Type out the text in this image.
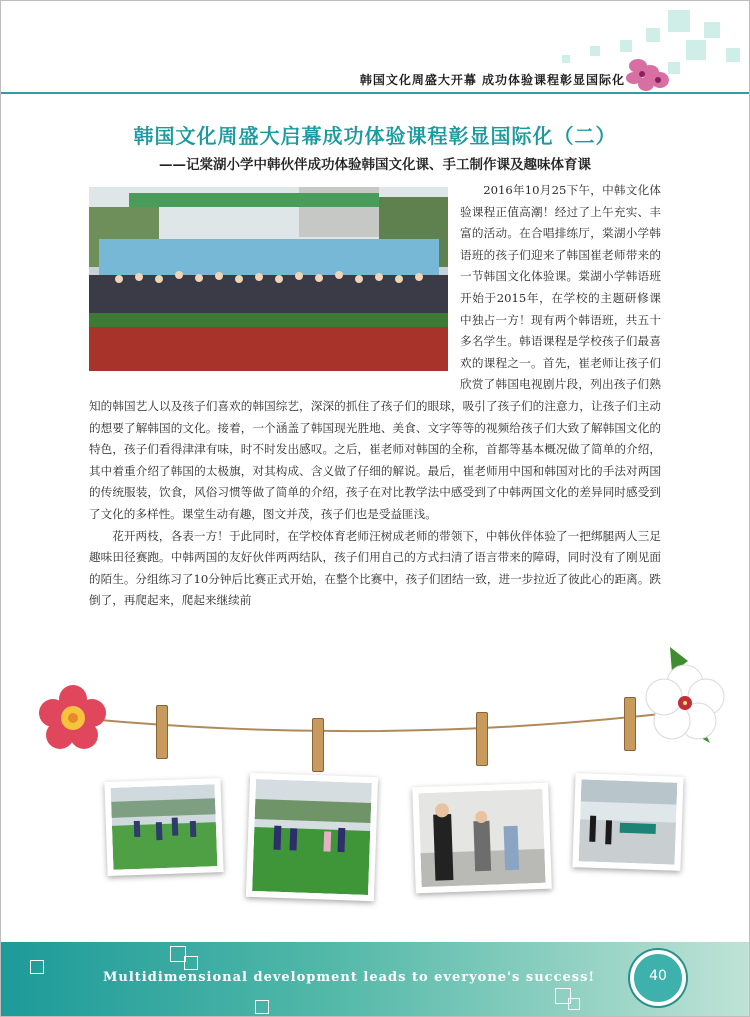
韩国文化周盛大开幕 成功体验课程彰显国际化
韩国文化周盛大启幕成功体验课程彰显国际化（二）
——记棠湖小学中韩伙伴成功体验韩国文化课、手工制作课及趣味体育课

2016年10月25下午，中韩文化体验课程正值高潮！经过了上午充实、丰富的活动。在合唱排练厅，棠湖小学韩语班的孩子们迎来了韩国崔老师带来的一节韩国文化体验课。棠湖小学韩语班开始于2015年，在学校的主题研修课中独占一方！现有两个韩语班，共五十多名学生。韩语课程是学校孩子们最喜欢的课程之一。首先，崔老师让孩子们欣赏了韩国电视剧片段，列出孩子们熟知的韩国艺人以及孩子们喜欢的韩国综艺，深深的抓住了孩子们的眼球，吸引了孩子们的注意力，让孩子们主动的想要了解韩国的文化。接着，一个涵盖了韩国现光胜地、美食、文字等等的视频给孩子们大致了解韩国文化的特色，孩子们看得津津有味，时不时发出感叹。之后，崔老师对韩国的全称，首都等基本概况做了简单的介绍，其中着重介绍了韩国的太极旗，对其构成、含义做了仔细的解说。最后，崔老师用中国和韩国对比的手法对两国的传统服装，饮食，风俗习惯等做了简单的介绍，孩子在对比教学法中感受到了中韩两国文化的差异同时感受到了文化的多样性。课堂生动有趣，图文并茂，孩子们也是受益匪浅。

花开两枝，各表一方！于此同时，在学校体育老师汪树成老师的带领下，中韩伙伴体验了一把绑腿两人三足趣味田径赛跑。中韩两国的友好伙伴两两结队，孩子们用自己的方式扫清了语言带来的障碍，同时没有了刚见面的陌生。分组练习了10分钟后比赛正式开始，在整个比赛中，孩子们团结一致，进一步拉近了彼此心的距离。跌倒了，再爬起来，爬起来继续前

Multidimensional development leads to everyone's success!	40
